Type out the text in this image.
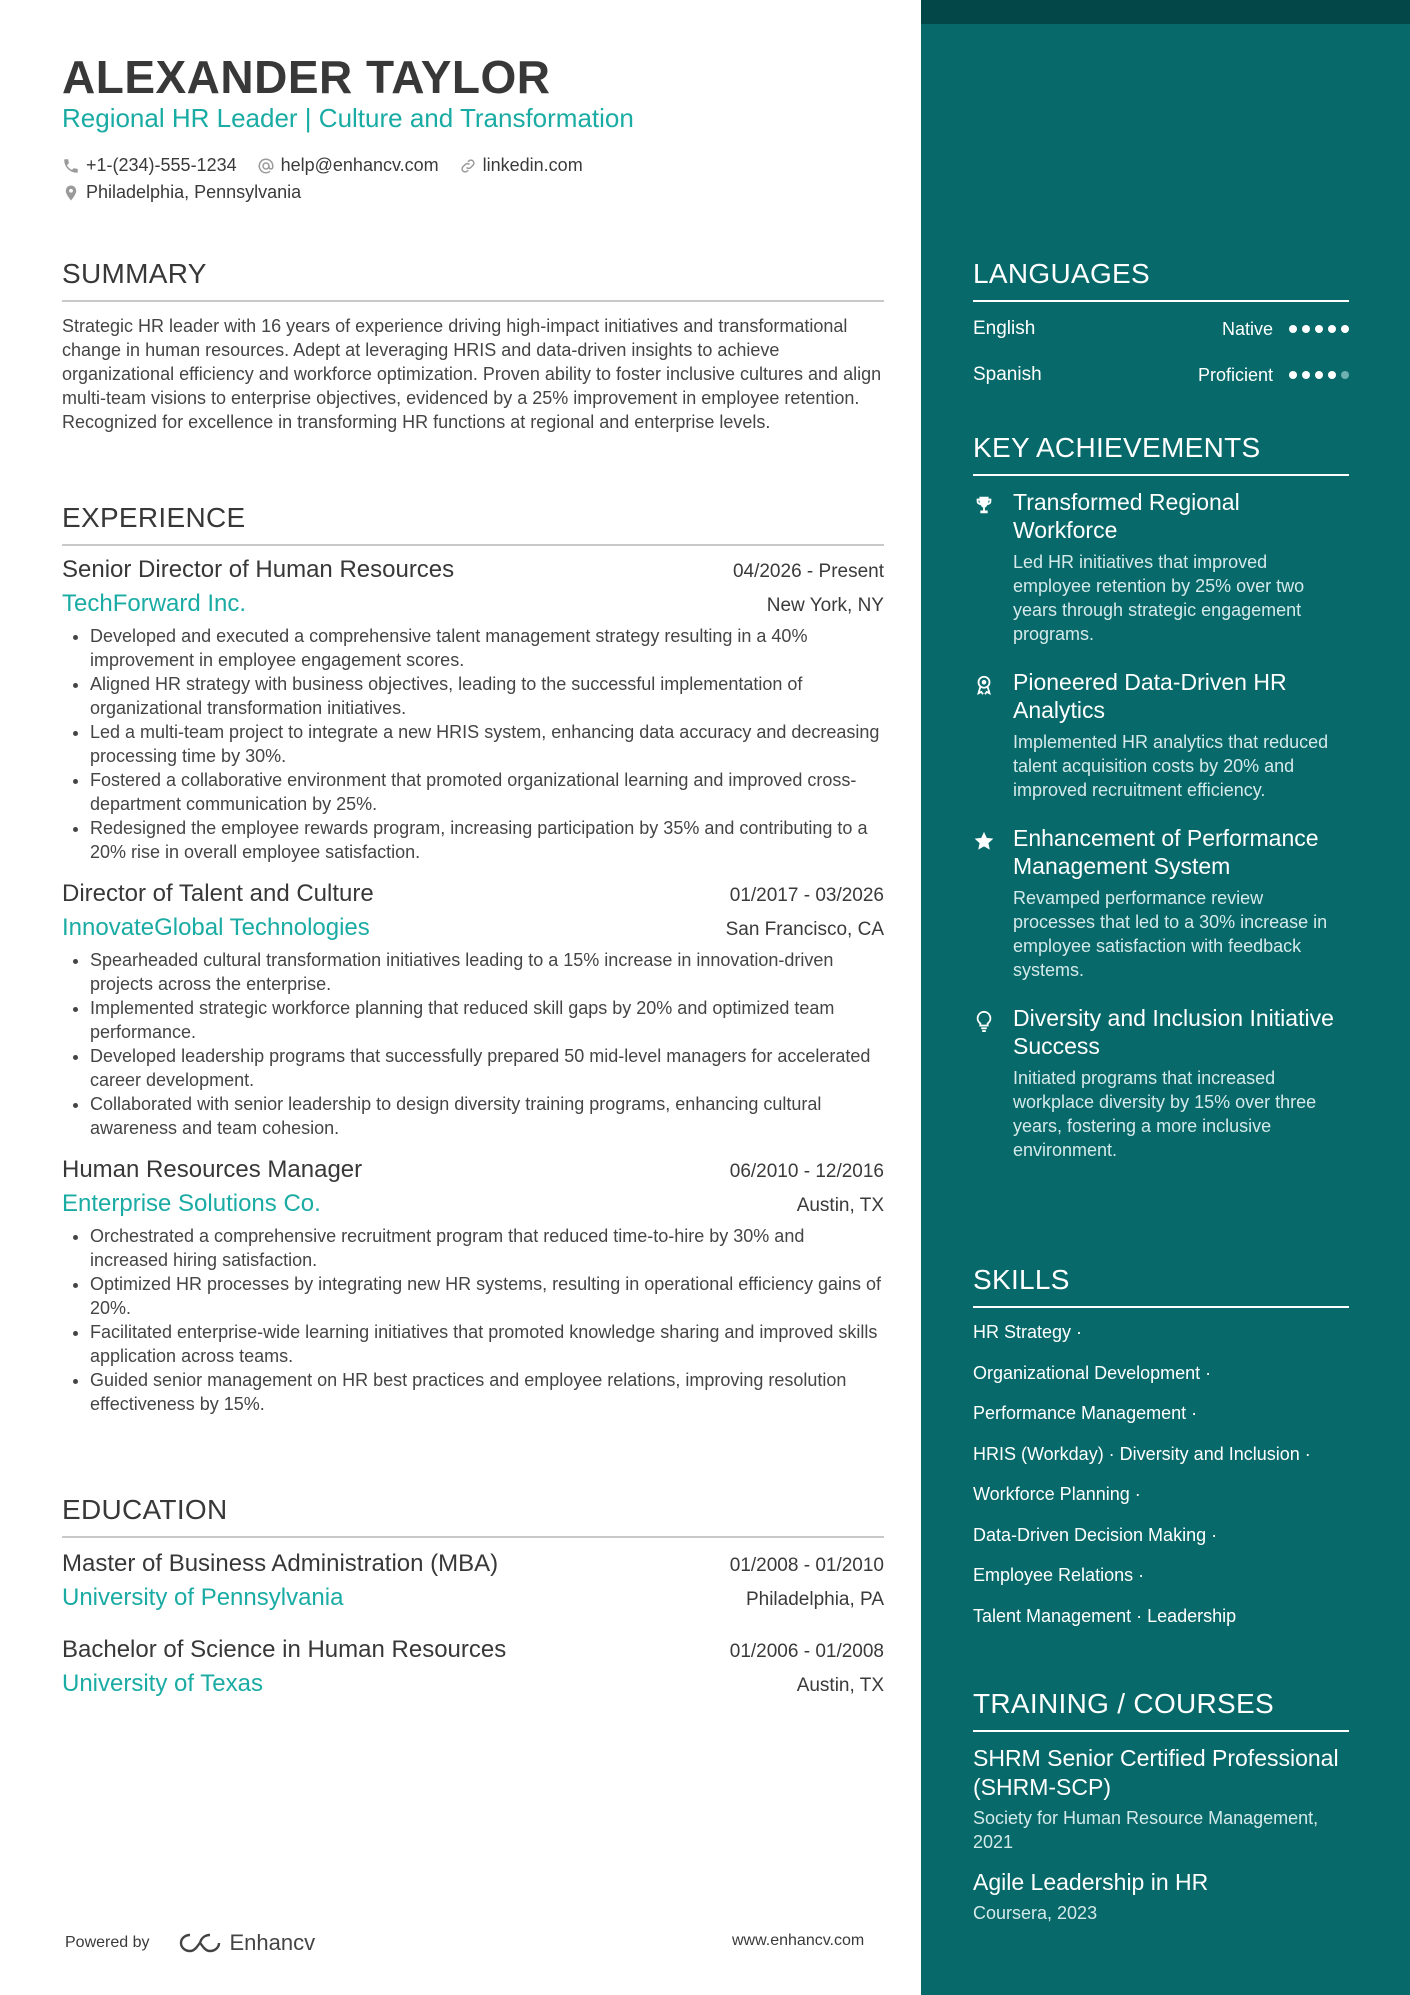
ALEXANDER TAYLOR
Regional HR Leader | Culture and Transformation
+1-(234)-555-1234 help@enhancv.com linkedin.com
Philadelphia, Pennsylvania
SUMMARY
Strategic HR leader with 16 years of experience driving high-impact initiatives and transformational change in human resources. Adept at leveraging HRIS and data-driven insights to achieve organizational efficiency and workforce optimization. Proven ability to foster inclusive cultures and align multi-team visions to enterprise objectives, evidenced by a 25% improvement in employee retention. Recognized for excellence in transforming HR functions at regional and enterprise levels.
EXPERIENCE
Senior Director of Human Resources	04/2026 - Present
TechForward Inc.	New York, NY
• Developed and executed a comprehensive talent management strategy resulting in a 40% improvement in employee engagement scores.
• Aligned HR strategy with business objectives, leading to the successful implementation of organizational transformation initiatives.
• Led a multi-team project to integrate a new HRIS system, enhancing data accuracy and decreasing processing time by 30%.
• Fostered a collaborative environment that promoted organizational learning and improved cross-department communication by 25%.
• Redesigned the employee rewards program, increasing participation by 35% and contributing to a 20% rise in overall employee satisfaction.
Director of Talent and Culture	01/2017 - 03/2026
InnovateGlobal Technologies	San Francisco, CA
• Spearheaded cultural transformation initiatives leading to a 15% increase in innovation-driven projects across the enterprise.
• Implemented strategic workforce planning that reduced skill gaps by 20% and optimized team performance.
• Developed leadership programs that successfully prepared 50 mid-level managers for accelerated career development.
• Collaborated with senior leadership to design diversity training programs, enhancing cultural awareness and team cohesion.
Human Resources Manager	06/2010 - 12/2016
Enterprise Solutions Co.	Austin, TX
• Orchestrated a comprehensive recruitment program that reduced time-to-hire by 30% and increased hiring satisfaction.
• Optimized HR processes by integrating new HR systems, resulting in operational efficiency gains of 20%.
• Facilitated enterprise-wide learning initiatives that promoted knowledge sharing and improved skills application across teams.
• Guided senior management on HR best practices and employee relations, improving resolution effectiveness by 15%.
EDUCATION
Master of Business Administration (MBA)	01/2008 - 01/2010
University of Pennsylvania	Philadelphia, PA
Bachelor of Science in Human Resources	01/2006 - 01/2008
University of Texas	Austin, TX
Powered by	Enhancv	www.enhancv.com
LANGUAGES
English	Native
Spanish	Proficient
KEY ACHIEVEMENTS
Transformed Regional Workforce
Led HR initiatives that improved employee retention by 25% over two years through strategic engagement programs.
Pioneered Data-Driven HR Analytics
Implemented HR analytics that reduced talent acquisition costs by 20% and improved recruitment efficiency.
Enhancement of Performance Management System
Revamped performance review processes that led to a 30% increase in employee satisfaction with feedback systems.
Diversity and Inclusion Initiative Success
Initiated programs that increased workplace diversity by 15% over three years, fostering a more inclusive environment.
SKILLS
HR Strategy ·
Organizational Development ·
Performance Management ·
HRIS (Workday) · Diversity and Inclusion ·
Workforce Planning ·
Data-Driven Decision Making ·
Employee Relations ·
Talent Management · Leadership
TRAINING / COURSES
SHRM Senior Certified Professional (SHRM-SCP)
Society for Human Resource Management, 2021
Agile Leadership in HR
Coursera, 2023
